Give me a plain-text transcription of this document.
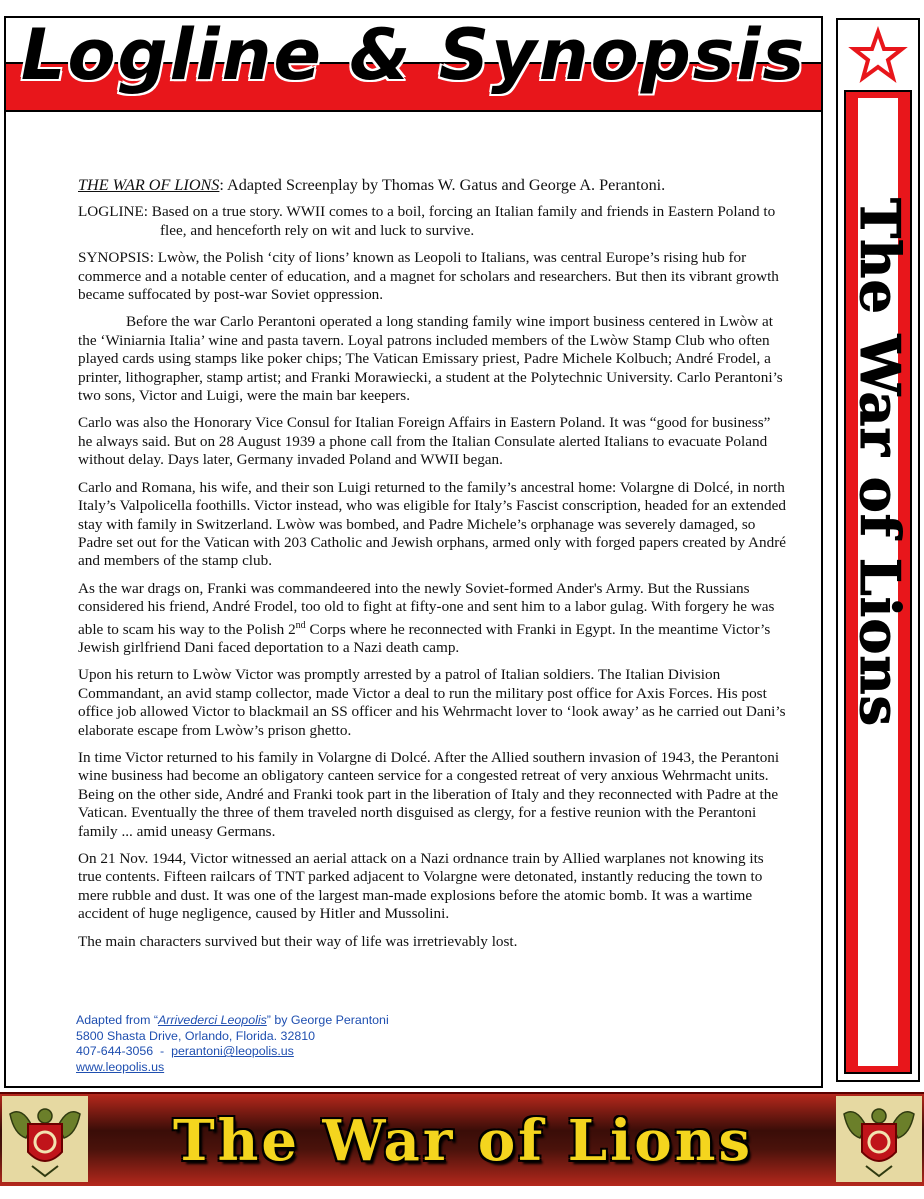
Logline & Synopsis

THE WAR OF LIONS: Adapted Screenplay by Thomas W. Gatus and George A. Perantoni.

LOGLINE: Based on a true story. WWII comes to a boil, forcing an Italian family and friends in Eastern Poland to flee, and henceforth rely on wit and luck to survive.

SYNOPSIS: Lwòw, the Polish ‘city of lions’ known as Leopoli to Italians, was central Europe’s rising hub for commerce and a notable center of education, and a magnet for scholars and researchers. But then its vibrant growth became suffocated by post-war Soviet oppression.

Before the war Carlo Perantoni operated a long standing family wine import business centered in Lwòw at the ‘Winiarnia Italia’ wine and pasta tavern. Loyal patrons included members of the Lwòw Stamp Club who often played cards using stamps like poker chips; The Vatican Emissary priest, Padre Michele Kolbuch; André Frodel, a printer, lithographer, stamp artist; and Franki Morawiecki, a student at the Polytechnic University. Carlo Perantoni’s two sons, Victor and Luigi, were the main bar keepers.

Carlo was also the Honorary Vice Consul for Italian Foreign Affairs in Eastern Poland. It was “good for business” he always said. But on 28 August 1939 a phone call from the Italian Consulate alerted Italians to evacuate Poland without delay. Days later, Germany invaded Poland and WWII began.

Carlo and Romana, his wife, and their son Luigi returned to the family’s ancestral home: Volargne di Dolcé, in north Italy’s Valpolicella foothills. Victor instead, who was eligible for Italy’s Fascist conscription, headed for an extended stay with family in Switzerland. Lwòw was bombed, and Padre Michele’s orphanage was severely damaged, so Padre set out for the Vatican with 203 Catholic and Jewish orphans, armed only with forged papers created by André and members of the stamp club.

As the war drags on, Franki was commandeered into the newly Soviet-formed Ander's Army. But the Russians considered his friend, André Frodel, too old to fight at fifty-one and sent him to a labor gulag. With forgery he was able to scam his way to the Polish 2nd Corps where he reconnected with Franki in Egypt. In the meantime Victor’s Jewish girlfriend Dani faced deportation to a Nazi death camp.

Upon his return to Lwòw Victor was promptly arrested by a patrol of Italian soldiers. The Italian Division Commandant, an avid stamp collector, made Victor a deal to run the military post office for Axis Forces. His post office job allowed Victor to blackmail an SS officer and his Wehrmacht lover to ‘look away’ as he carried out Dani’s elaborate escape from Lwòw’s prison ghetto.

In time Victor returned to his family in Volargne di Dolcé. After the Allied southern invasion of 1943, the Perantoni wine business had become an obligatory canteen service for a congested retreat of very anxious Wehrmacht units. Being on the other side, André and Franki took part in the liberation of Italy and they reconnected with Padre at the Vatican. Eventually the three of them traveled north disguised as clergy, for a festive reunion with the Perantoni family ... amid uneasy Germans.

On 21 Nov. 1944, Victor witnessed an aerial attack on a Nazi ordnance train by Allied warplanes not knowing its true contents. Fifteen railcars of TNT parked adjacent to Volargne were detonated, instantly reducing the town to mere rubble and dust. It was one of the largest man-made explosions before the atomic bomb. It was a wartime accident of huge negligence, caused by Hitler and Mussolini.

The main characters survived but their way of life was irretrievably lost.

Adapted from “Arrivederci Leopolis” by George Perantoni
5800 Shasta Drive, Orlando, Florida. 32810
407-644-3056  -  perantoni@leopolis.us
www.leopolis.us
The War of Lions
The War of Lions
